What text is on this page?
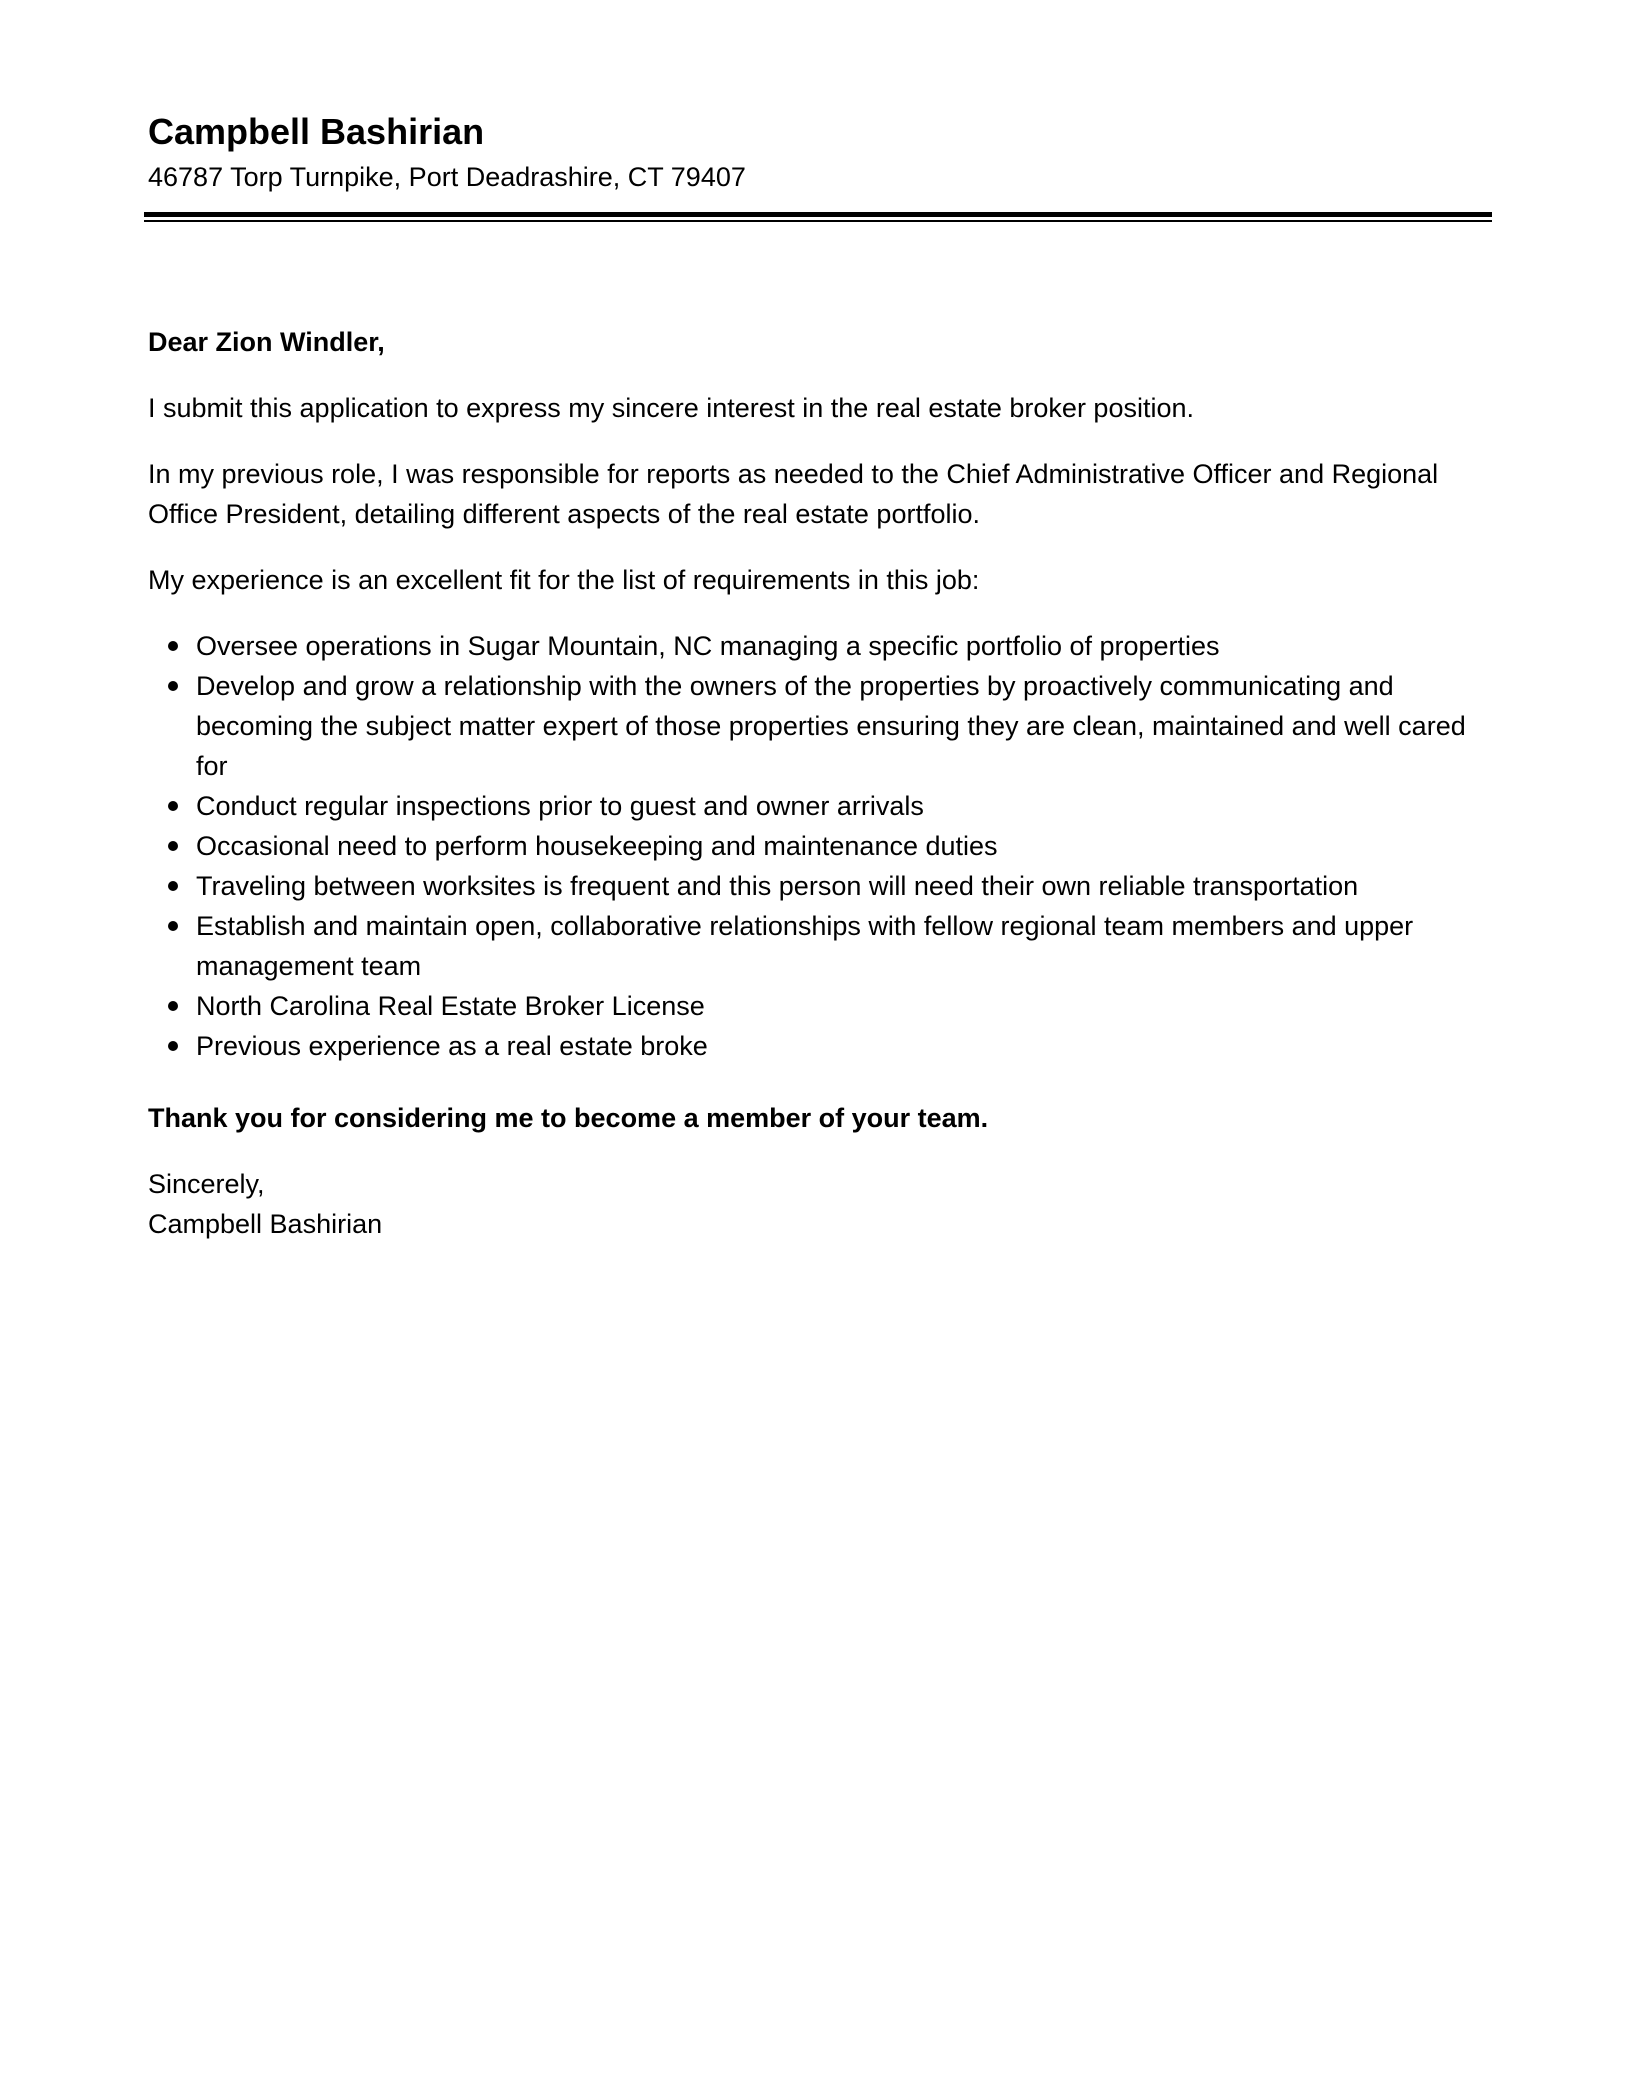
Campbell Bashirian

46787 Torp Turnpike, Port Deadrashire, CT 79407

Dear Zion Windler,

I submit this application to express my sincere interest in the real estate broker position.

In my previous role, I was responsible for reports as needed to the Chief Administrative Officer and Regional Office President, detailing different aspects of the real estate portfolio.

My experience is an excellent fit for the list of requirements in this job:

Oversee operations in Sugar Mountain, NC managing a specific portfolio of properties
Develop and grow a relationship with the owners of the properties by proactively communicating and becoming the subject matter expert of those properties ensuring they are clean, maintained and well cared for
Conduct regular inspections prior to guest and owner arrivals
Occasional need to perform housekeeping and maintenance duties
Traveling between worksites is frequent and this person will need their own reliable transportation
Establish and maintain open, collaborative relationships with fellow regional team members and upper management team
North Carolina Real Estate Broker License
Previous experience as a real estate broke

Thank you for considering me to become a member of your team.

Sincerely,

Campbell Bashirian
